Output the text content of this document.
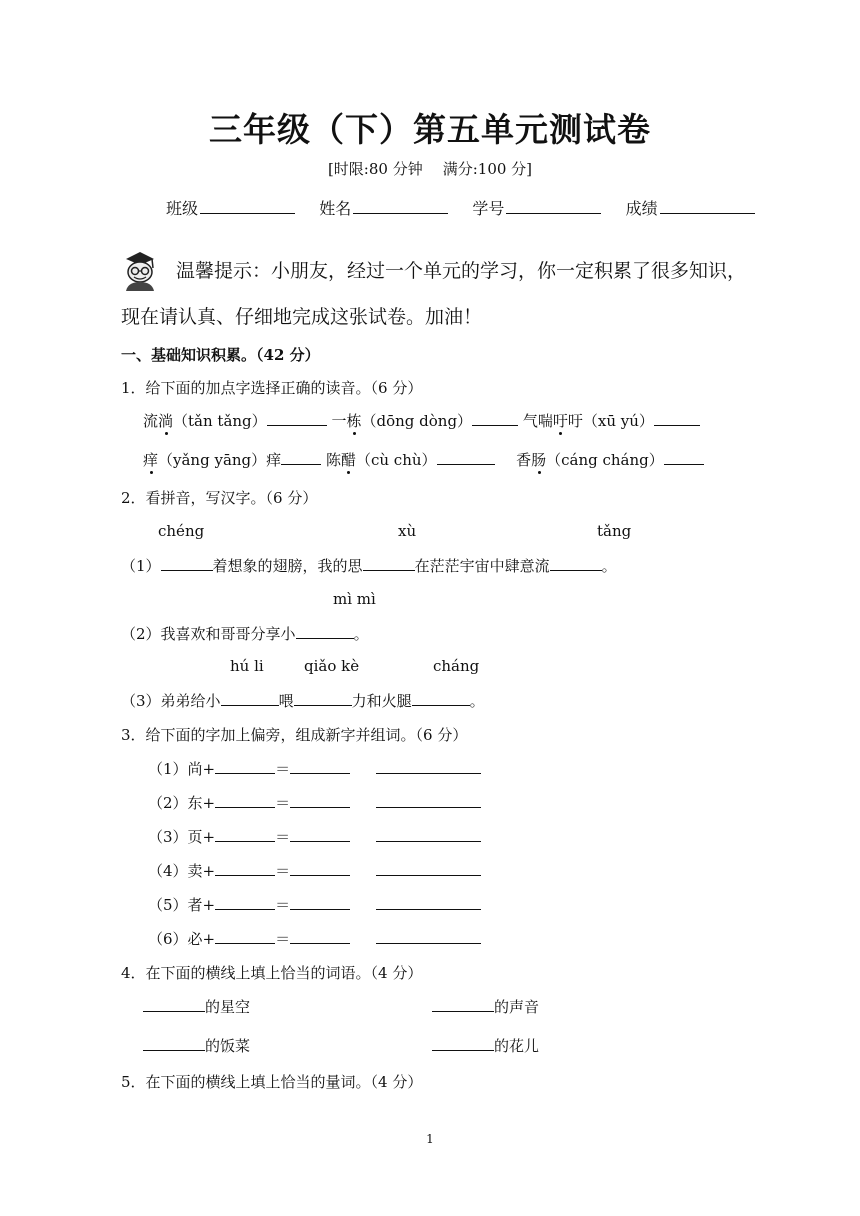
三年级（下）第五单元测试卷
[时限:80 分钟 满分:100 分]
班级	姓名	学号	成绩
温馨提示：小朋友，经过一个单元的学习，你一定积累了很多知识，
现在请认真、仔细地完成这张试卷。加油！
一、基础知识积累。（42 分）
1．给下面的加点字选择正确的读音。（6 分）
流淌（tǎn tǎng）	一栋（dōng dòng）	气喘吁吁（xū yú）
痒（yǎng yāng）痒	陈醋（cù chù）	香肠（cáng cháng）
2．看拼音，写汉字。（6 分）
chéng	xù	tǎng
（1）	着想象的翅膀，我的思	在茫茫宇宙中肆意流	。
mì mì
（2）我喜欢和哥哥分享小	。
hú li	qiǎo kè	cháng
（3）弟弟给小	喂	力和火腿	。
3．给下面的字加上偏旁，组成新字并组词。（6 分）
（1）尚+	＝
（2）东+	＝
（3）页+	＝
（4）卖+	＝
（5）者+	＝
（6）必+	＝
4．在下面的横线上填上恰当的词语。（4 分）
的星空	的声音
的饭菜	的花儿
5．在下面的横线上填上恰当的量词。（4 分）
1
